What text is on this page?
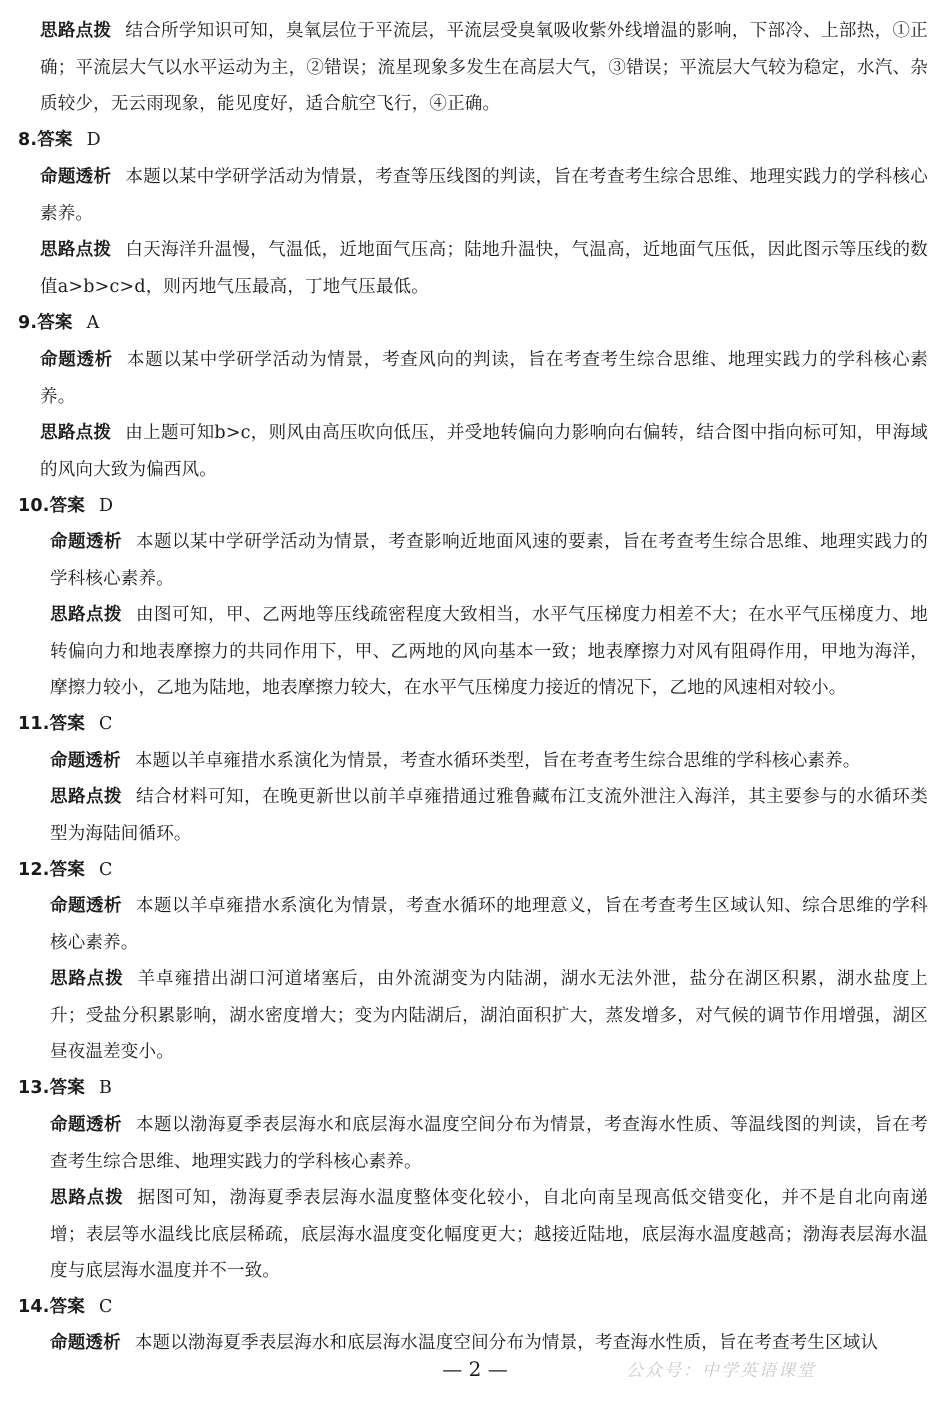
思路点拨 结合所学知识可知，臭氧层位于平流层，平流层受臭氧吸收紫外线增温的影响，下部冷、上部热，①正确；平流层大气以水平运动为主，②错误；流星现象多发生在高层大气，③错误；平流层大气较为稳定，水汽、杂质较少，无云雨现象，能见度好，适合航空飞行，④正确。

8.答案 D

命题透析 本题以某中学研学活动为情景，考查等压线图的判读，旨在考查考生综合思维、地理实践力的学科核心素养。

思路点拨 白天海洋升温慢，气温低，近地面气压高；陆地升温快，气温高，近地面气压低，因此图示等压线的数值a>b>c>d，则丙地气压最高，丁地气压最低。

9.答案 A

命题透析 本题以某中学研学活动为情景，考查风向的判读，旨在考查考生综合思维、地理实践力的学科核心素养。

思路点拨 由上题可知b>c，则风由高压吹向低压，并受地转偏向力影响向右偏转，结合图中指向标可知，甲海域的风向大致为偏西风。

10.答案 D

命题透析 本题以某中学研学活动为情景，考查影响近地面风速的要素，旨在考查考生综合思维、地理实践力的学科核心素养。

思路点拨 由图可知，甲、乙两地等压线疏密程度大致相当，水平气压梯度力相差不大；在水平气压梯度力、地转偏向力和地表摩擦力的共同作用下，甲、乙两地的风向基本一致；地表摩擦力对风有阻碍作用，甲地为海洋，摩擦力较小，乙地为陆地，地表摩擦力较大，在水平气压梯度力接近的情况下，乙地的风速相对较小。

11.答案 C

命题透析 本题以羊卓雍措水系演化为情景，考查水循环类型，旨在考查考生综合思维的学科核心素养。

思路点拨 结合材料可知，在晚更新世以前羊卓雍措通过雅鲁藏布江支流外泄注入海洋，其主要参与的水循环类型为海陆间循环。

12.答案 C

命题透析 本题以羊卓雍措水系演化为情景，考查水循环的地理意义，旨在考查考生区域认知、综合思维的学科核心素养。

思路点拨 羊卓雍措出湖口河道堵塞后，由外流湖变为内陆湖，湖水无法外泄，盐分在湖区积累，湖水盐度上升；受盐分积累影响，湖水密度增大；变为内陆湖后，湖泊面积扩大，蒸发增多，对气候的调节作用增强，湖区昼夜温差变小。

13.答案 B

命题透析 本题以渤海夏季表层海水和底层海水温度空间分布为情景，考查海水性质、等温线图的判读，旨在考查考生综合思维、地理实践力的学科核心素养。

思路点拨 据图可知，渤海夏季表层海水温度整体变化较小，自北向南呈现高低交错变化，并不是自北向南递增；表层等水温线比底层稀疏，底层海水温度变化幅度更大；越接近陆地，底层海水温度越高；渤海表层海水温度与底层海水温度并不一致。

14.答案 C

命题透析 本题以渤海夏季表层海水和底层海水温度空间分布为情景，考查海水性质，旨在考查考生区域认

— 2 —	公众号：中学英语课堂
